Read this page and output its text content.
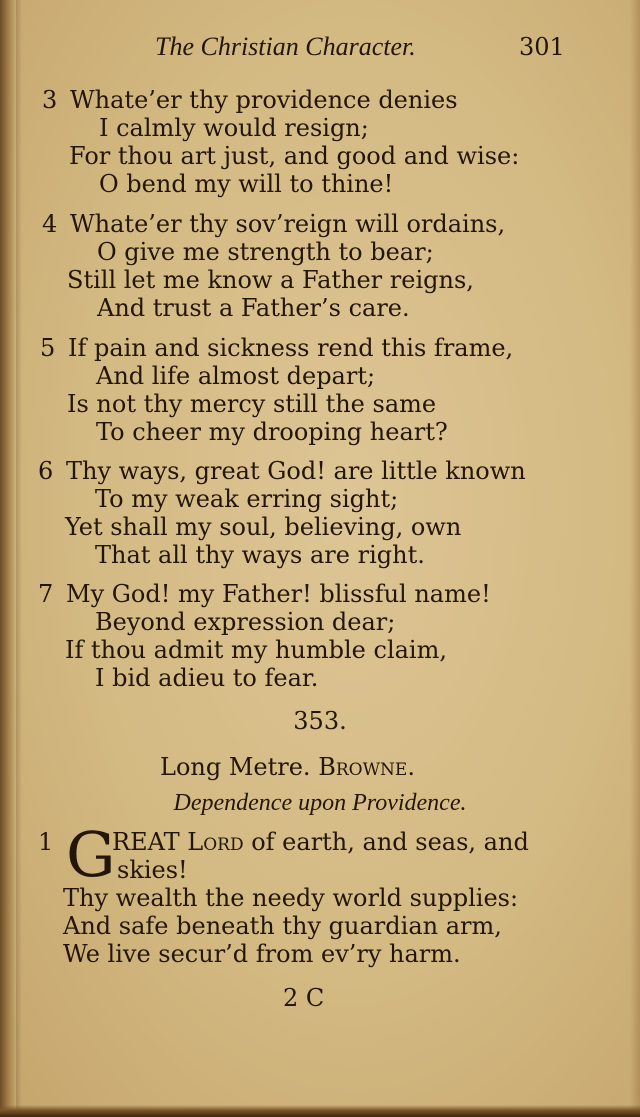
The Christian Character.	301
3 Whate’er thy providence denies
I calmly would resign;
For thou art just, and good and wise:
O bend my will to thine!
4 Whate’er thy sov’reign will ordains,
O give me strength to bear;
Still let me know a Father reigns,
And trust a Father’s care.
5 If pain and sickness rend this frame,
And life almost depart;
Is not thy mercy still the same
To cheer my drooping heart?
6 Thy ways, great God! are little known
To my weak erring sight;
Yet shall my soul, believing, own
That all thy ways are right.
7 My God! my Father! blissful name!
Beyond expression dear;
If thou admit my humble claim,
I bid adieu to fear.
353.
Long Metre. Browne.
Dependence upon Providence.
1 G
REAT Lord of earth, and seas, and
skies!
Thy wealth the needy world supplies:
And safe beneath thy guardian arm,
We live secur’d from ev’ry harm.
2 C
